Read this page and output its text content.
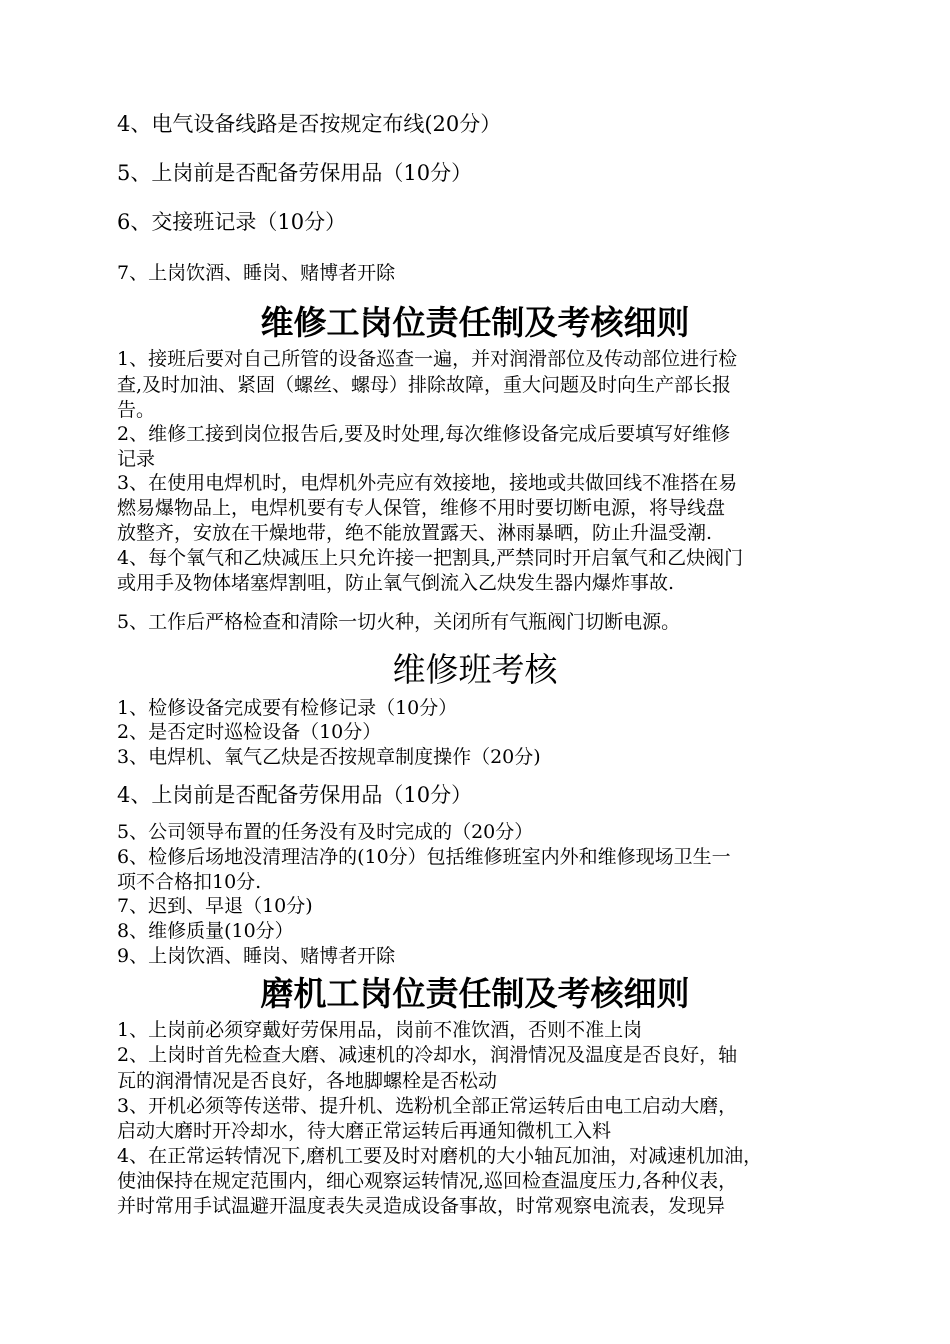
4、电气设备线路是否按规定布线(20分）
5、上岗前是否配备劳保用品（10分）
6、交接班记录（10分）
7、上岗饮酒、睡岗、赌博者开除
维修工岗位责任制及考核细则
1、接班后要对自己所管的设备巡查一遍，并对润滑部位及传动部位进行检
查,及时加油、紧固（螺丝、螺母）排除故障，重大问题及时向生产部长报
告。
2、维修工接到岗位报告后,要及时处理,每次维修设备完成后要填写好维修
记录
3、在使用电焊机时，电焊机外壳应有效接地，接地或共做回线不准搭在易
燃易爆物品上，电焊机要有专人保管，维修不用时要切断电源，将导线盘
放整齐，安放在干燥地带，绝不能放置露天、淋雨暴晒，防止升温受潮.
4、每个氧气和乙炔减压上只允许接一把割具,严禁同时开启氧气和乙炔阀门
或用手及物体堵塞焊割咀，防止氧气倒流入乙炔发生器内爆炸事故.
5、工作后严格检查和清除一切火种，关闭所有气瓶阀门切断电源。
维修班考核
1、检修设备完成要有检修记录（10分）
2、是否定时巡检设备（10分）
3、电焊机、氧气乙炔是否按规章制度操作（20分)
4、上岗前是否配备劳保用品（10分）
5、公司领导布置的任务没有及时完成的（20分）
6、检修后场地没清理洁净的(10分）包括维修班室内外和维修现场卫生一
项不合格扣10分.
7、迟到、早退（10分)
8、维修质量(10分）
9、上岗饮酒、睡岗、赌博者开除
磨机工岗位责任制及考核细则
1、上岗前必须穿戴好劳保用品，岗前不准饮酒，否则不准上岗
2、上岗时首先检查大磨、减速机的冷却水，润滑情况及温度是否良好，轴
瓦的润滑情况是否良好，各地脚螺栓是否松动
3、开机必须等传送带、提升机、选粉机全部正常运转后由电工启动大磨，
启动大磨时开冷却水，待大磨正常运转后再通知微机工入料
4、在正常运转情况下,磨机工要及时对磨机的大小轴瓦加油，对减速机加油，
使油保持在规定范围内，细心观察运转情况,巡回检查温度压力,各种仪表，
并时常用手试温避开温度表失灵造成设备事故，时常观察电流表，发现异
